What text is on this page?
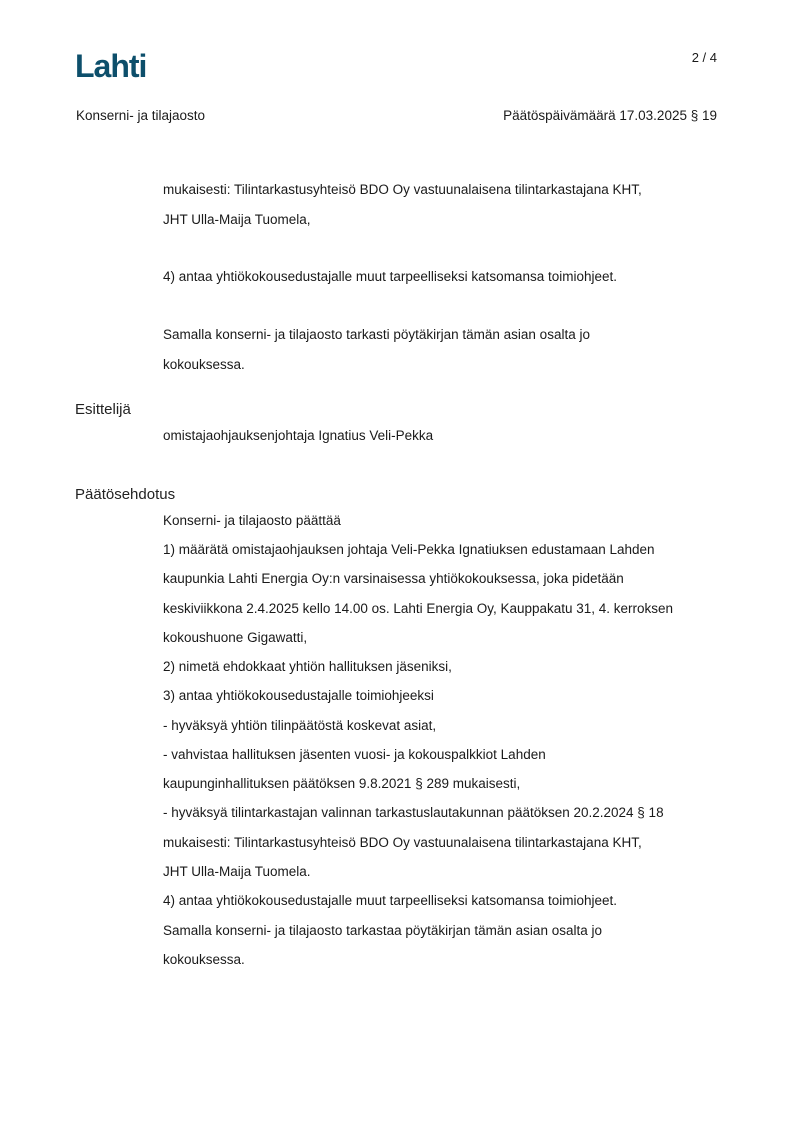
Lahti	2 / 4
Konserni- ja tilajaosto	Päätöspäivämäärä 17.03.2025 § 19
mukaisesti: Tilintarkastusyhteisö BDO Oy vastuunalaisena tilintarkastajana KHT,
JHT Ulla-Maija Tuomela,
4) antaa yhtiökokousedustajalle muut tarpeelliseksi katsomansa toimiohjeet.
Samalla konserni- ja tilajaosto tarkasti pöytäkirjan tämän asian osalta jo
kokouksessa.
Esittelijä
omistajaohjauksenjohtaja Ignatius Veli-Pekka
Päätösehdotus
Konserni- ja tilajaosto päättää
1) määrätä omistajaohjauksen johtaja Veli-Pekka Ignatiuksen edustamaan Lahden
kaupunkia Lahti Energia Oy:n varsinaisessa yhtiökokouksessa, joka pidetään
keskiviikkona 2.4.2025 kello 14.00 os. Lahti Energia Oy, Kauppakatu 31, 4. kerroksen
kokoushuone Gigawatti,
2) nimetä ehdokkaat yhtiön hallituksen jäseniksi,
3) antaa yhtiökokousedustajalle toimiohjeeksi
- hyväksyä yhtiön tilinpäätöstä koskevat asiat,
- vahvistaa hallituksen jäsenten vuosi- ja kokouspalkkiot Lahden
kaupunginhallituksen päätöksen 9.8.2021 § 289 mukaisesti,
- hyväksyä tilintarkastajan valinnan tarkastuslautakunnan päätöksen 20.2.2024 § 18
mukaisesti: Tilintarkastusyhteisö BDO Oy vastuunalaisena tilintarkastajana KHT,
JHT Ulla-Maija Tuomela.
4) antaa yhtiökokousedustajalle muut tarpeelliseksi katsomansa toimiohjeet.
Samalla konserni- ja tilajaosto tarkastaa pöytäkirjan tämän asian osalta jo
kokouksessa.
